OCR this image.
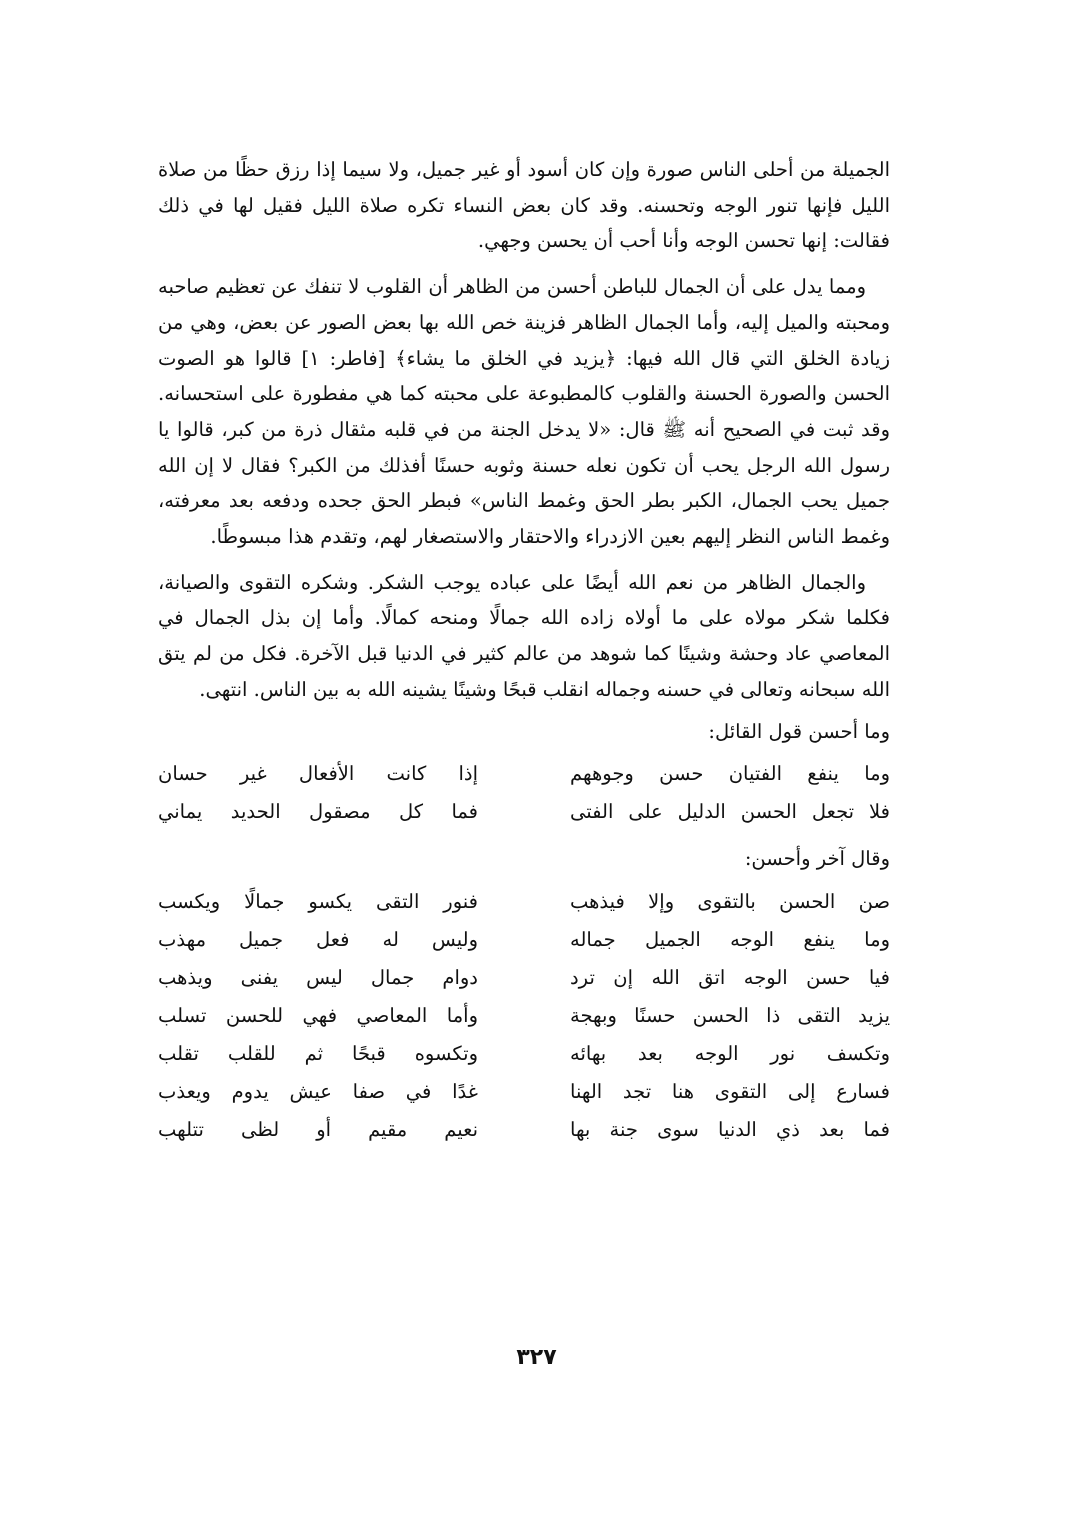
الجميلة من أحلى الناس صورة وإن كان أسود أو غير جميل، ولا سيما إذا رزق حظًا من صلاة الليل فإنها تنور الوجه وتحسنه. وقد كان بعض النساء تكره صلاة الليل فقيل لها في ذلك فقالت: إنها تحسن الوجه وأنا أحب أن يحسن وجهي.

ومما يدل على أن الجمال للباطن أحسن من الظاهر أن القلوب لا تنفك عن تعظيم صاحبه ومحبته والميل إليه، وأما الجمال الظاهر فزينة خص الله بها بعض الصور عن بعض، وهي من زيادة الخلق التي قال الله فيها: ﴿يزيد في الخلق ما يشاء﴾ [فاطر: ١] قالوا هو الصوت الحسن والصورة الحسنة والقلوب كالمطبوعة على محبته كما هي مفطورة على استحسانه. وقد ثبت في الصحيح أنه ﷺ قال: «لا يدخل الجنة من في قلبه مثقال ذرة من كبر، قالوا يا رسول الله الرجل يحب أن تكون نعله حسنة وثوبه حسنًا أفذلك من الكبر؟ فقال لا إن الله جميل يحب الجمال، الكبر بطر الحق وغمط الناس» فبطر الحق جحده ودفعه بعد معرفته، وغمط الناس النظر إليهم بعين الازدراء والاحتقار والاستصغار لهم، وتقدم هذا مبسوطًا.

والجمال الظاهر من نعم الله أيضًا على عباده يوجب الشكر. وشكره التقوى والصيانة، فكلما شكر مولاه على ما أولاه زاده الله جمالًا ومنحه كمالًا. وأما إن بذل الجمال في المعاصي عاد وحشة وشينًا كما شوهد من عالم كثير في الدنيا قبل الآخرة. فكل من لم يتق الله سبحانه وتعالى في حسنه وجماله انقلب قبحًا وشينًا يشينه الله به بين الناس. انتهى.

وما أحسن قول القائل:

وما ينفع الفتيان حسن وجوههم
إذا كانت الأفعال غير حسان
فلا تجعل الحسن الدليل على الفتى
فما كل مصقول الحديد يماني

وقال آخر وأحسن:

صن الحسن بالتقوى وإلا فيذهب
فنور التقى يكسو جمالًا ويكسب
وما ينفع الوجه الجميل جماله
وليس له فعل جميل مهذب
فيا حسن الوجه اتق الله إن ترد
دوام جمال ليس يفنى ويذهب
يزيد التقى ذا الحسن حسنًا وبهجة
وأما المعاصي فهي للحسن تسلب
وتكسف نور الوجه بعد بهائه
وتكسوه قبحًا ثم للقلب تقلب
فسارع إلى التقوى هنا تجد الهنا
غدًا في صفا عيش يدوم ويعذب
فما بعد ذي الدنيا سوى جنة بها
نعيم مقيم أو لظى تتلهب
٣٢٧
